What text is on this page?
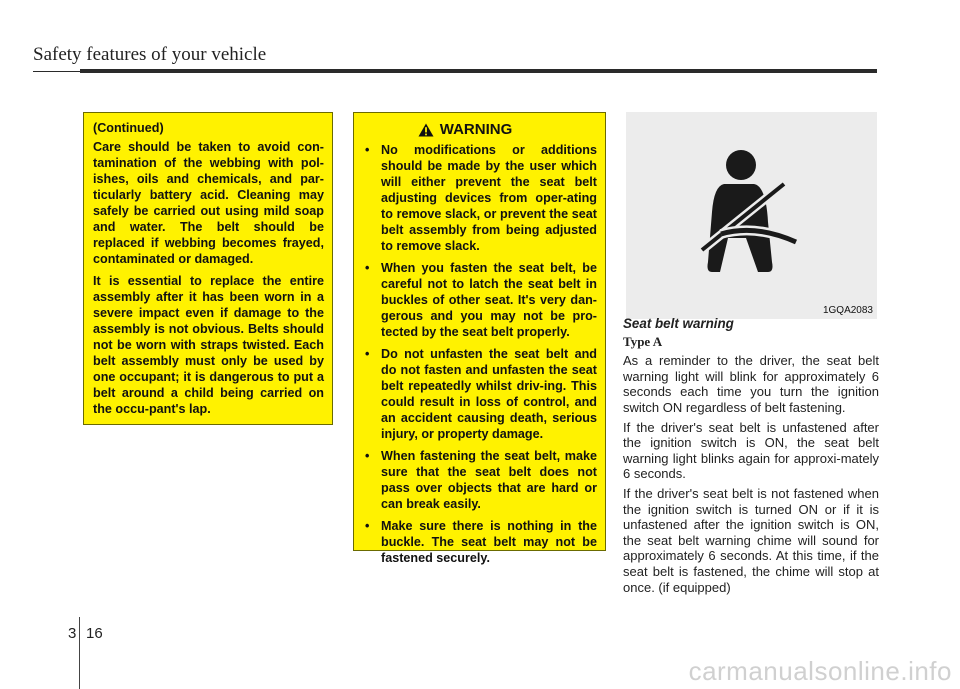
Safety features of your vehicle

(Continued)

Care should be taken to avoid con-tamination of the webbing with pol-ishes, oils and chemicals, and par-ticularly battery acid. Cleaning may safely be carried out using mild soap and water. The belt should be replaced if webbing becomes frayed, contaminated or damaged.

It is essential to replace the entire assembly after it has been worn in a severe impact even if damage to the assembly is not obvious. Belts should not be worn with straps twisted. Each belt assembly must only be used by one occupant; it is dangerous to put a belt around a child being carried on the occu-pant's lap.

WARNING
• No modifications or additions should be made by the user which will either prevent the seat belt adjusting devices from oper-ating to remove slack, or prevent the seat belt assembly from being adjusted to remove slack.
• When you fasten the seat belt, be careful not to latch the seat belt in buckles of other seat. It's very dan-gerous and you may not be pro-tected by the seat belt properly.
• Do not unfasten the seat belt and do not fasten and unfasten the seat belt repeatedly whilst driv-ing. This could result in loss of control, and an accident causing death, serious injury, or property damage.
• When fastening the seat belt, make sure that the seat belt does not pass over objects that are hard or can break easily.
• Make sure there is nothing in the buckle. The seat belt may not be fastened securely.
1GQA2083

Seat belt warning

Type A

As a reminder to the driver, the seat belt warning light will blink for approximately 6 seconds each time you turn the ignition switch ON regardless of belt fastening.

If the driver's seat belt is unfastened after the ignition switch is ON, the seat belt warning light blinks again for approxi-mately 6 seconds.

If the driver's seat belt is not fastened when the ignition switch is turned ON or if it is unfastened after the ignition switch is ON, the seat belt warning chime will sound for approximately 6 seconds. At this time, if the seat belt is fastened, the chime will stop at once. (if equipped)

3 16
carmanualsonline.info
